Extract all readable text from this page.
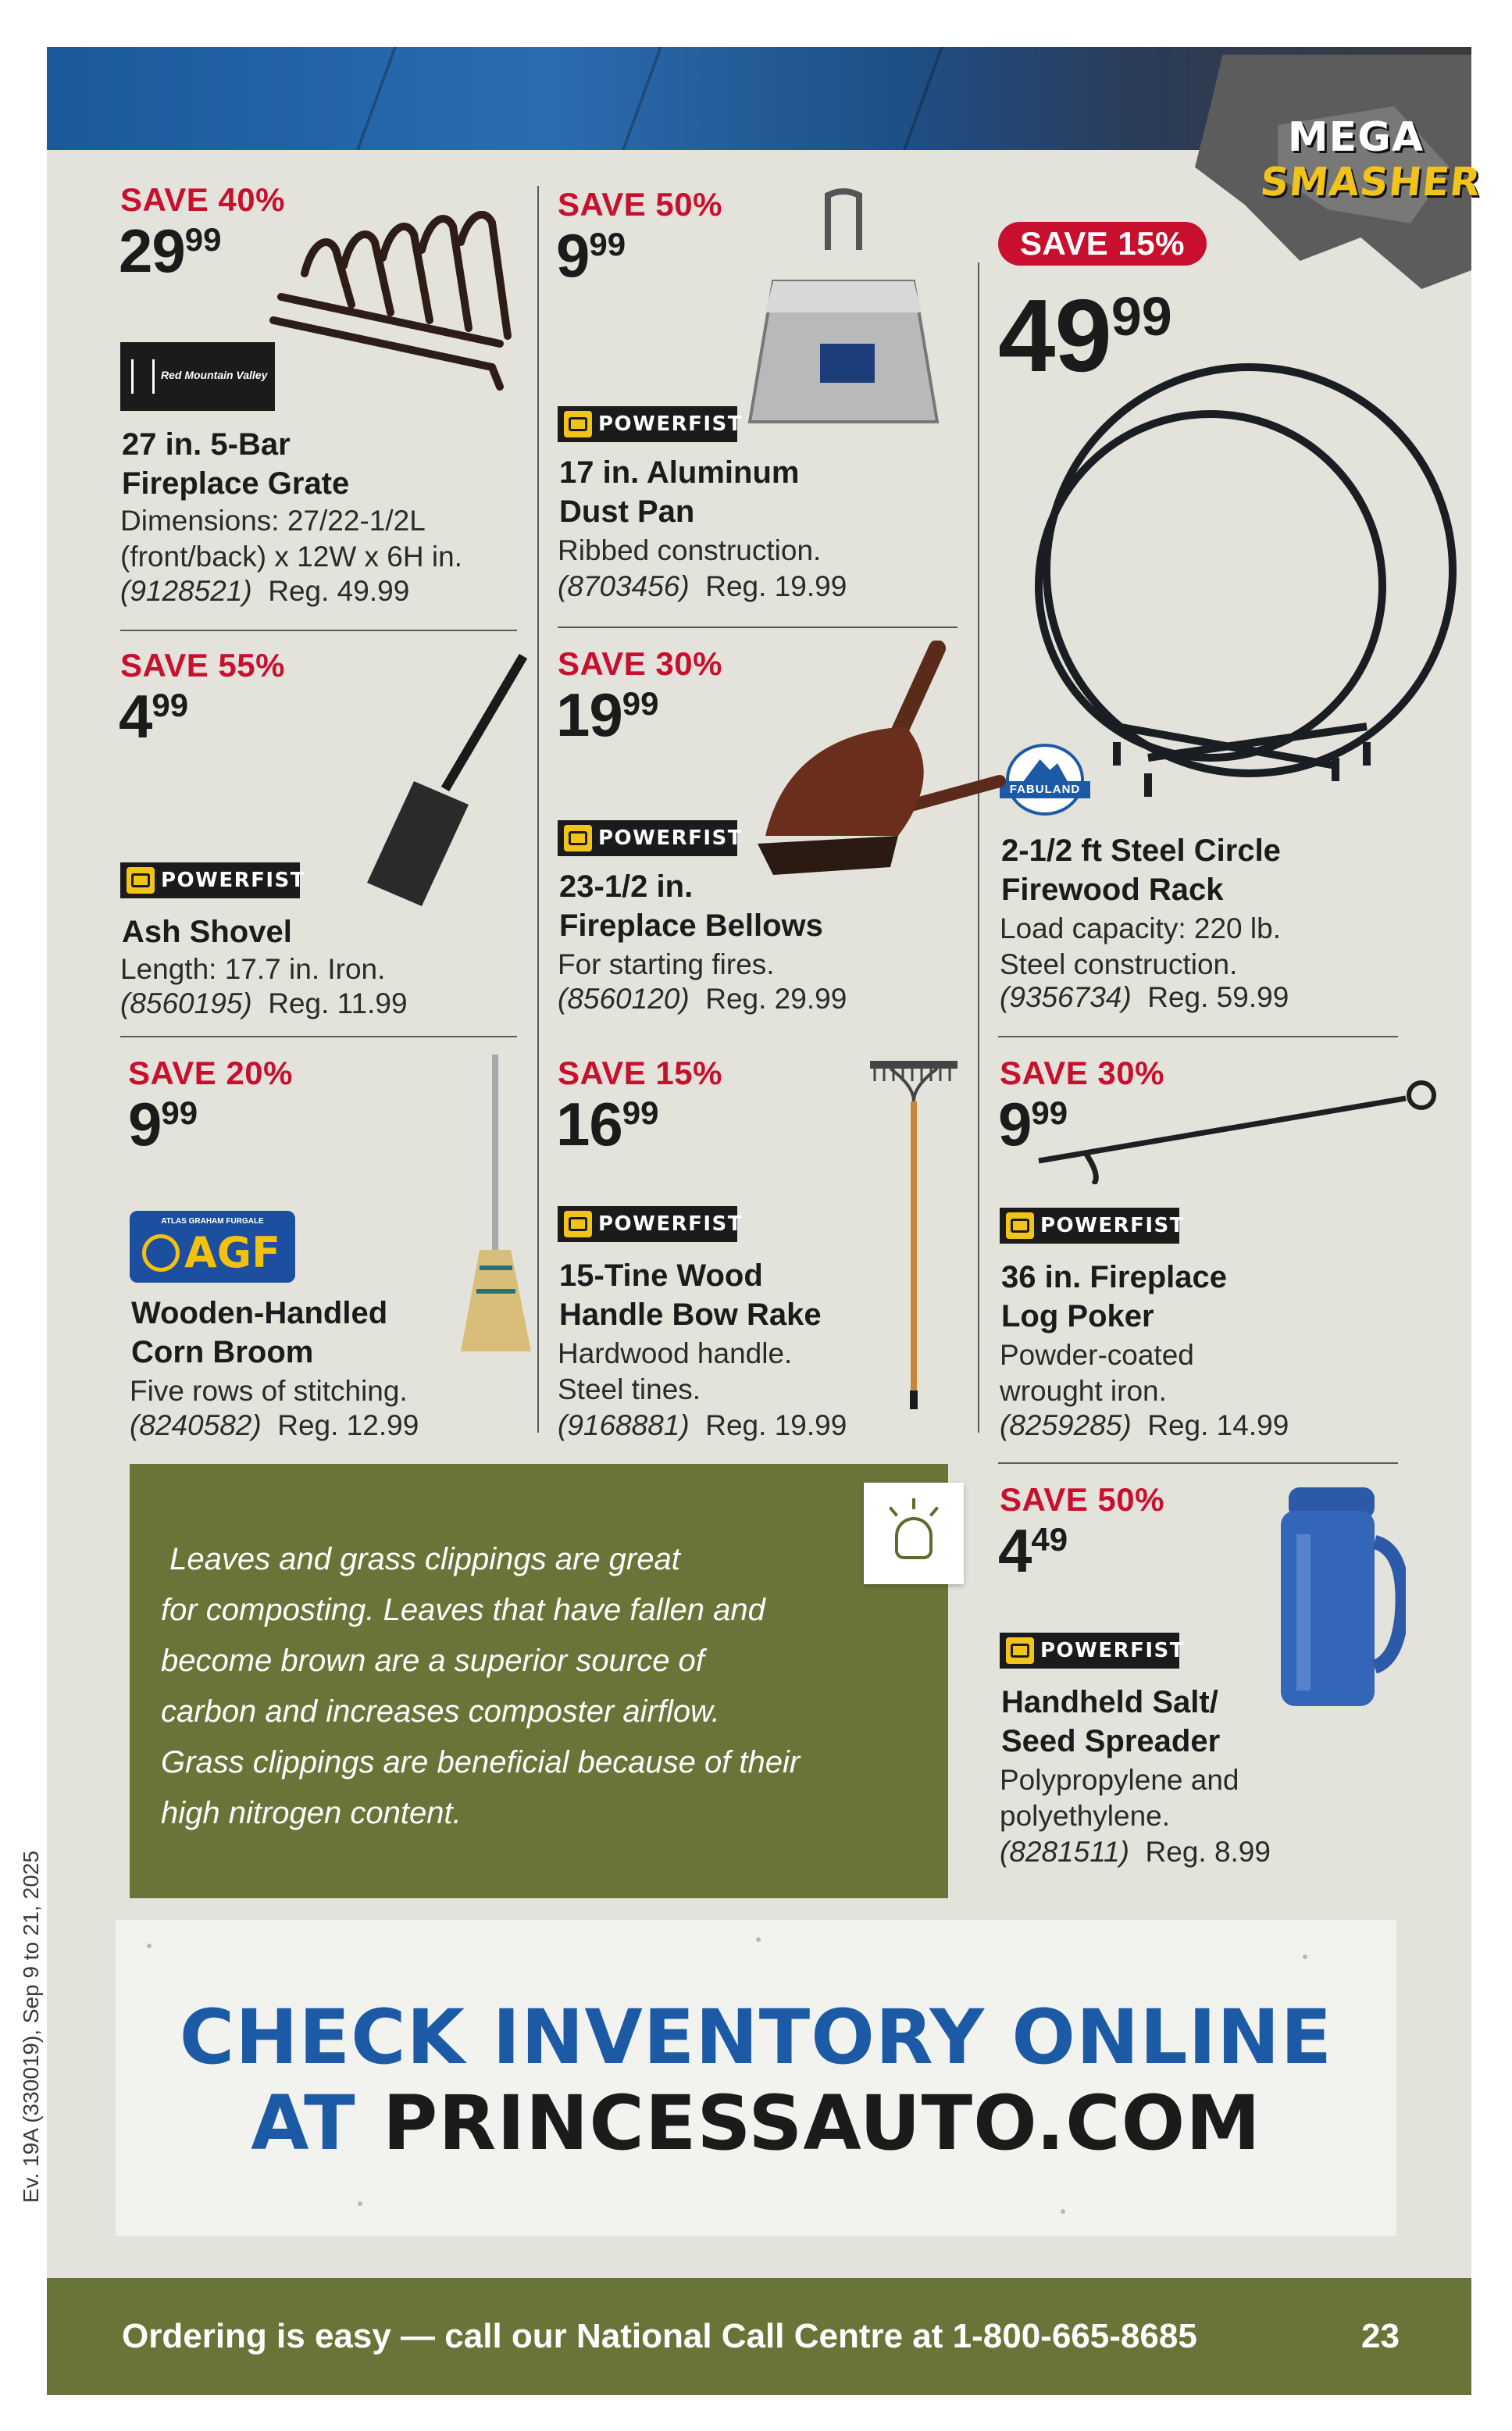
MEGA
SMASHER
SAVE 40%
2999
Red Mountain Valley
27 in. 5-Bar
Fireplace Grate
Dimensions: 27/22-1/2L
(front/back) x 12W x 6H in.
(9128521) Reg. 49.99
SAVE 50%
999
POWERFIST
17 in. Aluminum
Dust Pan
Ribbed construction.
(8703456) Reg. 19.99
SAVE 15%
4999
FABULAND
2-1/2 ft Steel Circle
Firewood Rack
Load capacity: 220 lb.
Steel construction.
(9356734) Reg. 59.99
SAVE 55%
499
POWERFIST
Ash Shovel
Length: 17.7 in. Iron.
(8560195) Reg. 11.99
SAVE 30%
1999
POWERFIST
23-1/2 in.
Fireplace Bellows
For starting fires.
(8560120) Reg. 29.99
SAVE 20%
999
ATLAS GRAHAM FURGALE
AGF
Wooden-Handled
Corn Broom
Five rows of stitching.
(8240582) Reg. 12.99
SAVE 15%
1699
POWERFIST
15-Tine Wood
Handle Bow Rake
Hardwood handle.
Steel tines.
(9168881) Reg. 19.99
SAVE 30%
999
POWERFIST
36 in. Fireplace
Log Poker
Powder-coated
wrought iron.
(8259285) Reg. 14.99
SAVE 50%
449
POWERFIST
Handheld Salt/
Seed Spreader
Polypropylene and
polyethylene.
(8281511) Reg. 8.99
Leaves and grass clippings are great
for composting. Leaves that have fallen and
become brown are a superior source of
carbon and increases composter airflow.
Grass clippings are beneficial because of their
high nitrogen content.
CHECK INVENTORY ONLINE
AT PRINCESSAUTO.COM
Ordering is easy — call our National Call Centre at 1-800-665-8685	23
Ev. 19A (330019), Sep 9 to 21, 2025
